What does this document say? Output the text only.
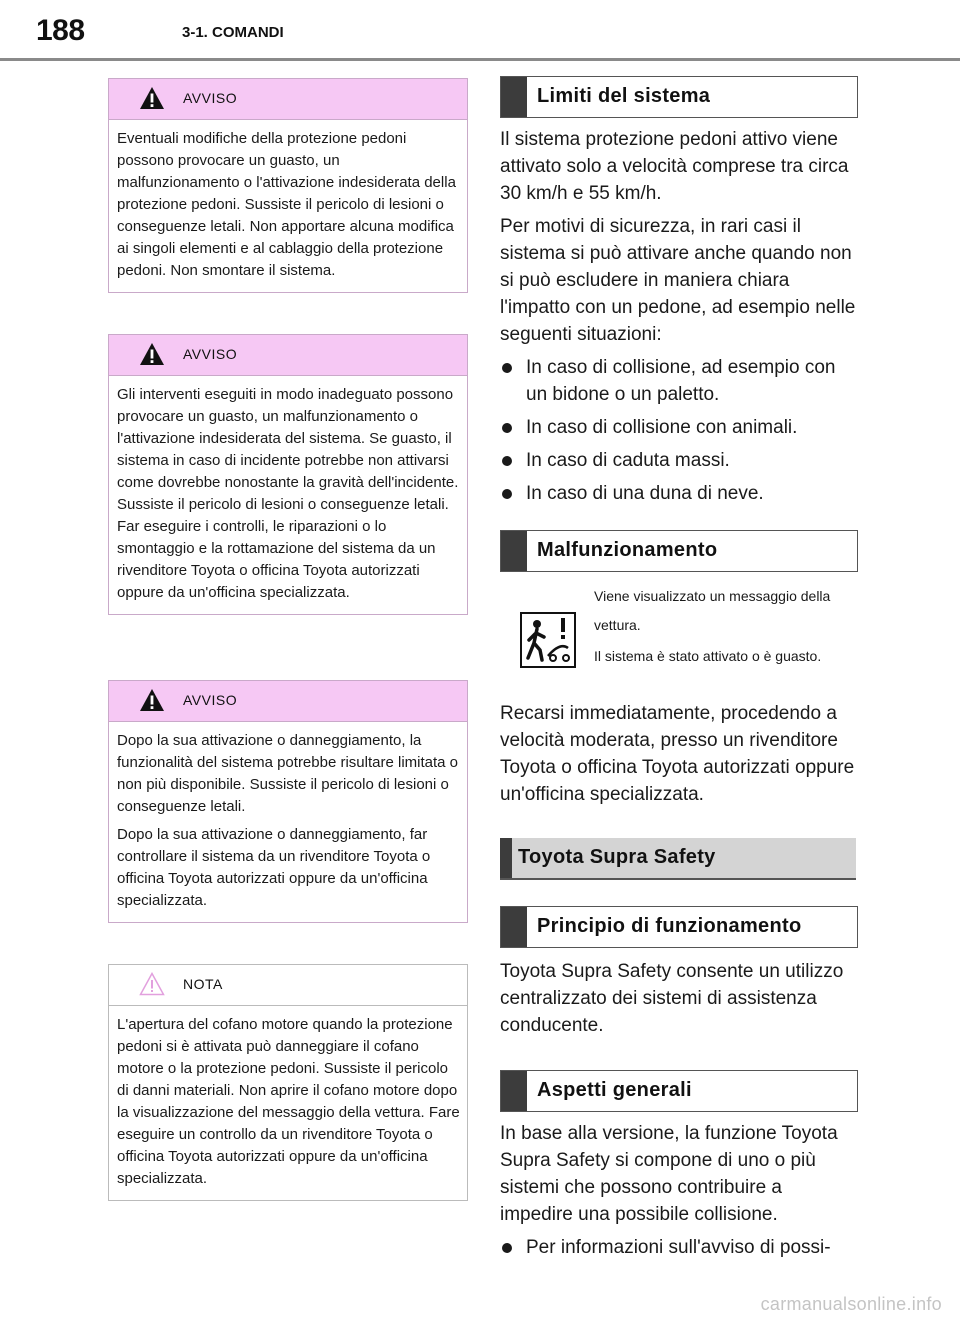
188	3-1. COMANDI
AVVISO

Eventuali modifiche della protezione pedoni possono provocare un guasto, un malfunzionamento o l'attivazione indesiderata della protezione pedoni. Sussiste il pericolo di lesioni o conseguenze letali. Non apportare alcuna modifica ai singoli elementi e al cablaggio della protezione pedoni. Non smontare il sistema.

AVVISO

Gli interventi eseguiti in modo inadeguato possono provocare un guasto, un malfunzionamento o l'attivazione indesiderata del sistema. Se guasto, il sistema in caso di incidente potrebbe non attivarsi come dovrebbe nonostante la gravità dell'incidente. Sussiste il pericolo di lesioni o conseguenze letali. Far eseguire i controlli, le riparazioni o lo smontaggio e la rottamazione del sistema da un rivenditore Toyota o officina Toyota autorizzati oppure da un'officina specializzata.

AVVISO

Dopo la sua attivazione o danneggiamento, la funzionalità del sistema potrebbe risultare limitata o non più disponibile. Sussiste il pericolo di lesioni o conseguenze letali.

Dopo la sua attivazione o danneggiamento, far controllare il sistema da un rivenditore Toyota o officina Toyota autorizzati oppure da un'officina specializzata.

NOTA

L'apertura del cofano motore quando la protezione pedoni si è attivata può danneggiare il cofano motore o la protezione pedoni. Sussiste il pericolo di danni materiali. Non aprire il cofano motore dopo la visualizzazione del messaggio della vettura. Fare eseguire un controllo da un rivenditore Toyota o officina Toyota autorizzati oppure da un'officina specializzata.

Limiti del sistema

Il sistema protezione pedoni attivo viene attivato solo a velocità comprese tra circa 30 km/h e 55 km/h.

Per motivi di sicurezza, in rari casi il sistema si può attivare anche quando non si può escludere in maniera chiara l'impatto con un pedone, ad esempio nelle seguenti situazioni:

In caso di collisione, ad esempio con un bidone o un paletto.
In caso di collisione con animali.
In caso di caduta massi.
In caso di una duna di neve.
Malfunzionamento

Viene visualizzato un messaggio della vettura.

Il sistema è stato attivato o è guasto.

Recarsi immediatamente, procedendo a velocità moderata, presso un rivenditore Toyota o officina Toyota autorizzati oppure un'officina specializzata.

Toyota Supra Safety
Principio di funzionamento

Toyota Supra Safety consente un utilizzo centralizzato dei sistemi di assistenza conducente.

Aspetti generali

In base alla versione, la funzione Toyota Supra Safety si compone di uno o più sistemi che possono contribuire a impedire una possibile collisione.

Per informazioni sull'avviso di possi-
carmanualsonline.info
